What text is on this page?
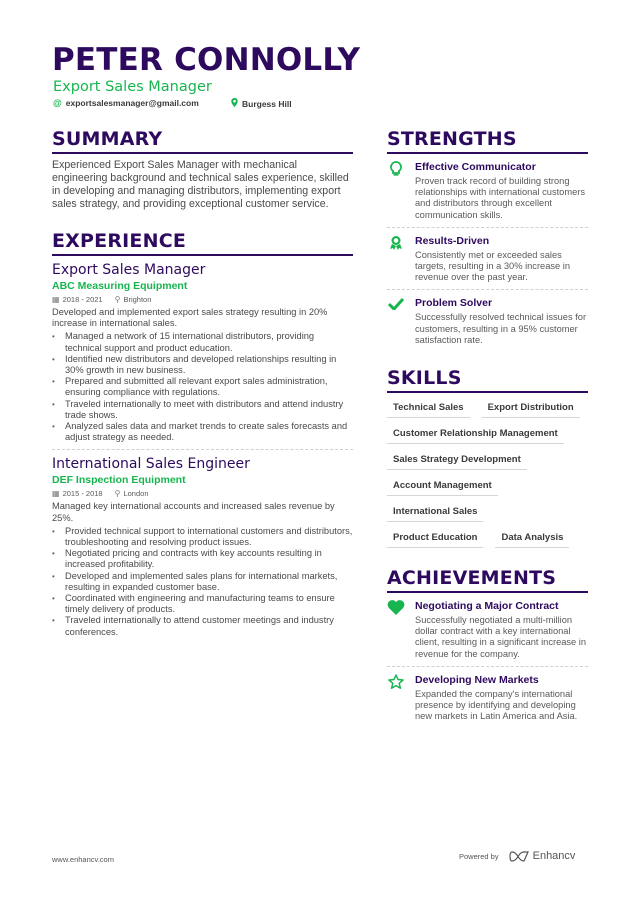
PETER CONNOLLY
Export Sales Manager
@ exportsalesmanager@gmail.com	Burgess Hill
SUMMARY
Experienced Export Sales Manager with mechanical engineering background and technical sales experience, skilled in developing and managing distributors, implementing export sales strategy, and providing exceptional customer service.
EXPERIENCE
Export Sales Manager
ABC Measuring Equipment
▦ 2018 - 2021 ⚲ Brighton
Developed and implemented export sales strategy resulting in 20% increase in international sales.
• Managed a network of 15 international distributors, providing technical support and product education.
• Identified new distributors and developed relationships resulting in 30% growth in new business.
• Prepared and submitted all relevant export sales administration, ensuring compliance with regulations.
• Traveled internationally to meet with distributors and attend industry trade shows.
• Analyzed sales data and market trends to create sales forecasts and adjust strategy as needed.
International Sales Engineer
DEF Inspection Equipment
▦ 2015 - 2018 ⚲ London
Managed key international accounts and increased sales revenue by 25%.
• Provided technical support to international customers and distributors, troubleshooting and resolving product issues.
• Negotiated pricing and contracts with key accounts resulting in increased profitability.
• Developed and implemented sales plans for international markets, resulting in expanded customer base.
• Coordinated with engineering and manufacturing teams to ensure timely delivery of products.
• Traveled internationally to attend customer meetings and industry conferences.
STRENGTHS
Effective Communicator
Proven track record of building strong relationships with international customers and distributors through excellent communication skills.
Results-Driven
Consistently met or exceeded sales targets, resulting in a 30% increase in revenue over the past year.
Problem Solver
Successfully resolved technical issues for customers, resulting in a 95% customer satisfaction rate.
SKILLS
Technical Sales	Export Distribution
Customer Relationship Management
Sales Strategy Development
Account Management
International Sales
Product Education	Data Analysis
ACHIEVEMENTS
Negotiating a Major Contract
Successfully negotiated a multi-million dollar contract with a key international client, resulting in a significant increase in revenue for the company.
Developing New Markets
Expanded the company's international presence by identifying and developing new markets in Latin America and Asia.
www.enhancv.com	Powered by	Enhancv
